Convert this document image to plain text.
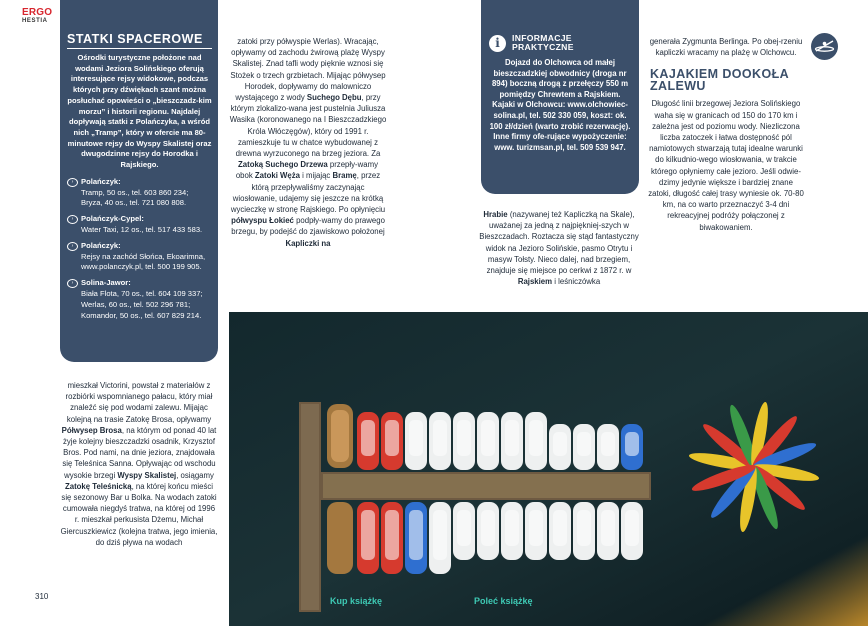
ERGO
HESTIA
STATKI SPACEROWE
Ośrodki turystyczne położone nad wodami Jeziora Solińskiego oferują interesujące rejsy widokowe, podczas których przy dźwiękach szant można posłuchać opowieści o „bieszczadz-kim morzu” i historii regionu. Najdalej dopływają statki z Polańczyka, a wśród nich „Tramp”, który w ofercie ma 80-minutowe rejsy do Wyspy Skalistej oraz dwugodzinne rejsy do Horodka i Rajskiego.
›	Polańczyk:
Tramp, 50 os., tel. 603 860 234;
Bryza, 40 os., tel. 721 080 808.
›	Polańczyk-Cypel:
Water Taxi, 12 os., tel. 517 433 583.
›	Polańczyk:
Rejsy na zachód Słońca, Ekoarimna,
www.polanczyk.pl, tel. 500 199 905.
›	Solina-Jawor:
Biała Flota, 70 os., tel. 604 109 337;
Werlas, 60 os., tel. 502 296 781;
Komandor, 50 os., tel. 607 829 214.
zatoki przy półwyspie Werlas). Wracając, opływamy od zachodu żwirową plażę Wyspy Skalistej. Znad tafli wody pięknie wznosi się Stożek o trzech grzbietach. Mijając półwysep Horodek, dopływamy do malowniczo wystającego z wody Suchego Dębu, przy którym zlokalizo-wana jest pustelnia Juliusza Wasika (koronowanego na I Bieszczadzkiego Króla Włóczęgów), który od 1991 r. zamieszkuje tu w chatce wybudowanej z drewna wyrzuconego na brzeg jeziora. Za Zatoką Suchego Drzewa przepły-wamy obok Zatoki Węża i mijając Bramę, przez którą przepływaliśmy zaczynając wiosłowanie, udajemy się jeszcze na krótką wycieczkę w stronę Rajskiego. Po opłynięciu półwyspu Łokieć podpły-wamy do prawego brzegu, by podejść do zjawiskowo położonej Kapliczki na
i	INFORMACJE
PRAKTYCZNE
Dojazd do Olchowca od małej bieszczadzkiej obwodnicy (droga nr 894) boczną drogą z przełęczy 550 m pomiędzy Chrewtem a Rajskiem. Kajaki w Olchowcu: www.olchowiec-solina.pl, tel. 502 330 059, koszt: ok. 100 zł/dzień (warto zrobić rezerwację). Inne firmy ofe-rujące wypożyczenie: www. turizmsan.pl, tel. 509 539 947.
Hrabie (nazywanej też Kapliczką na Skale), uważanej za jedną z najpiękniej-szych w Bieszczadach. Roztacza się stąd fantastyczny widok na Jezioro Solińskie, pasmo Otrytu i masyw Tołsty. Nieco dalej, nad brzegiem, znajduje się miejsce po cerkwi z 1872 r. w Rajskiem i leśniczówka
generała Zygmunta Berlinga. Po obej-rzeniu kapliczki wracamy na plażę w Olchowcu.
KAJAKIEM DOOKOŁA
ZALEWU
Długość linii brzegowej Jeziora Solińskiego waha się w granicach od 150 do 170 km i zależna jest od poziomu wody. Niezliczona liczba zatoczek i łatwa dostępność pól namiotowych stwarzają tutaj idealne warunki do kilkudnio-wego wiosłowania, w trakcie którego opłyniemy całe jezioro. Jeśli odwie-dzimy jedynie większe i bardziej znane zatoki, długość całej trasy wyniesie ok. 70-80 km, na co warto przeznaczyć 3-4 dni rekreacyjnej podróży połączonej z biwakowaniem.
mieszkał Victorini, powstał z materiałów z rozbiórki wspomnianego pałacu, który miał znaleźć się pod wodami zalewu. Mijając kolejną na trasie Zatokę Brosa, opływamy Półwysep Brosa, na którym od ponad 40 lat żyje kolejny bieszczadzki osadnik, Krzysztof Bros. Pod nami, na dnie jeziora, znajdowała się Teleśnica Sanna. Opływając od wschodu wysokie brzegi Wyspy Skalistej, osiągamy Zatokę Teleśnicką, na której końcu mieści się sezonowy Bar u Bolka. Na wodach zatoki cumowała niegdyś tratwa, na której od 1996 r. mieszkał perkusista Dżemu, Michał Giercuszkiewicz (kolejna tratwa, jego imienia, do dziś pływa na wodach
Kup książkę	Poleć książkę
310
